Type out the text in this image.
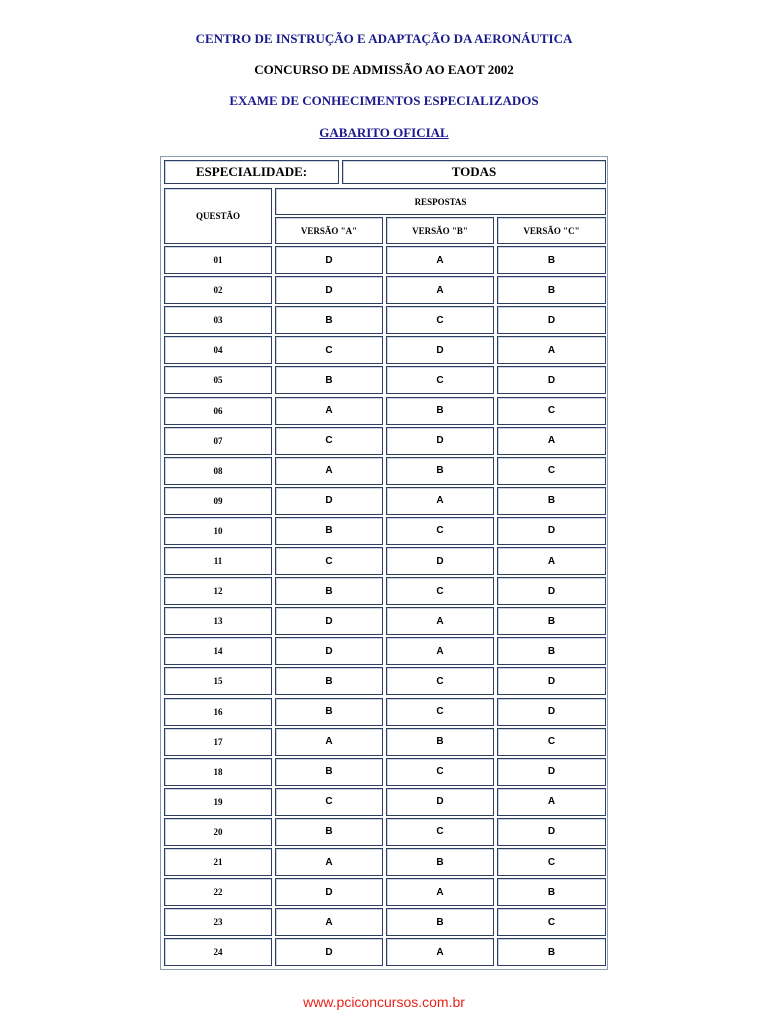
CENTRO DE INSTRUÇÃO E ADAPTAÇÃO DA AERONÁUTICA
CONCURSO DE ADMISSÃO AO EAOT 2002
EXAME DE CONHECIMENTOS ESPECIALIZADOS
GABARITO OFICIAL
ESPECIALIDADE:	TODAS
QUESTÃO
RESPOSTAS
VERSÃO "A"	VERSÃO "B"	VERSÃO "C"
01	D	A	B
02	D	A	B
03	B	C	D
04	C	D	A
05	B	C	D
06	A	B	C
07	C	D	A
08	A	B	C
09	D	A	B
10	B	C	D
11	C	D	A
12	B	C	D
13	D	A	B
14	D	A	B
15	B	C	D
16	B	C	D
17	A	B	C
18	B	C	D
19	C	D	A
20	B	C	D
21	A	B	C
22	D	A	B
23	A	B	C
24	D	A	B
www.pciconcursos.com.br
